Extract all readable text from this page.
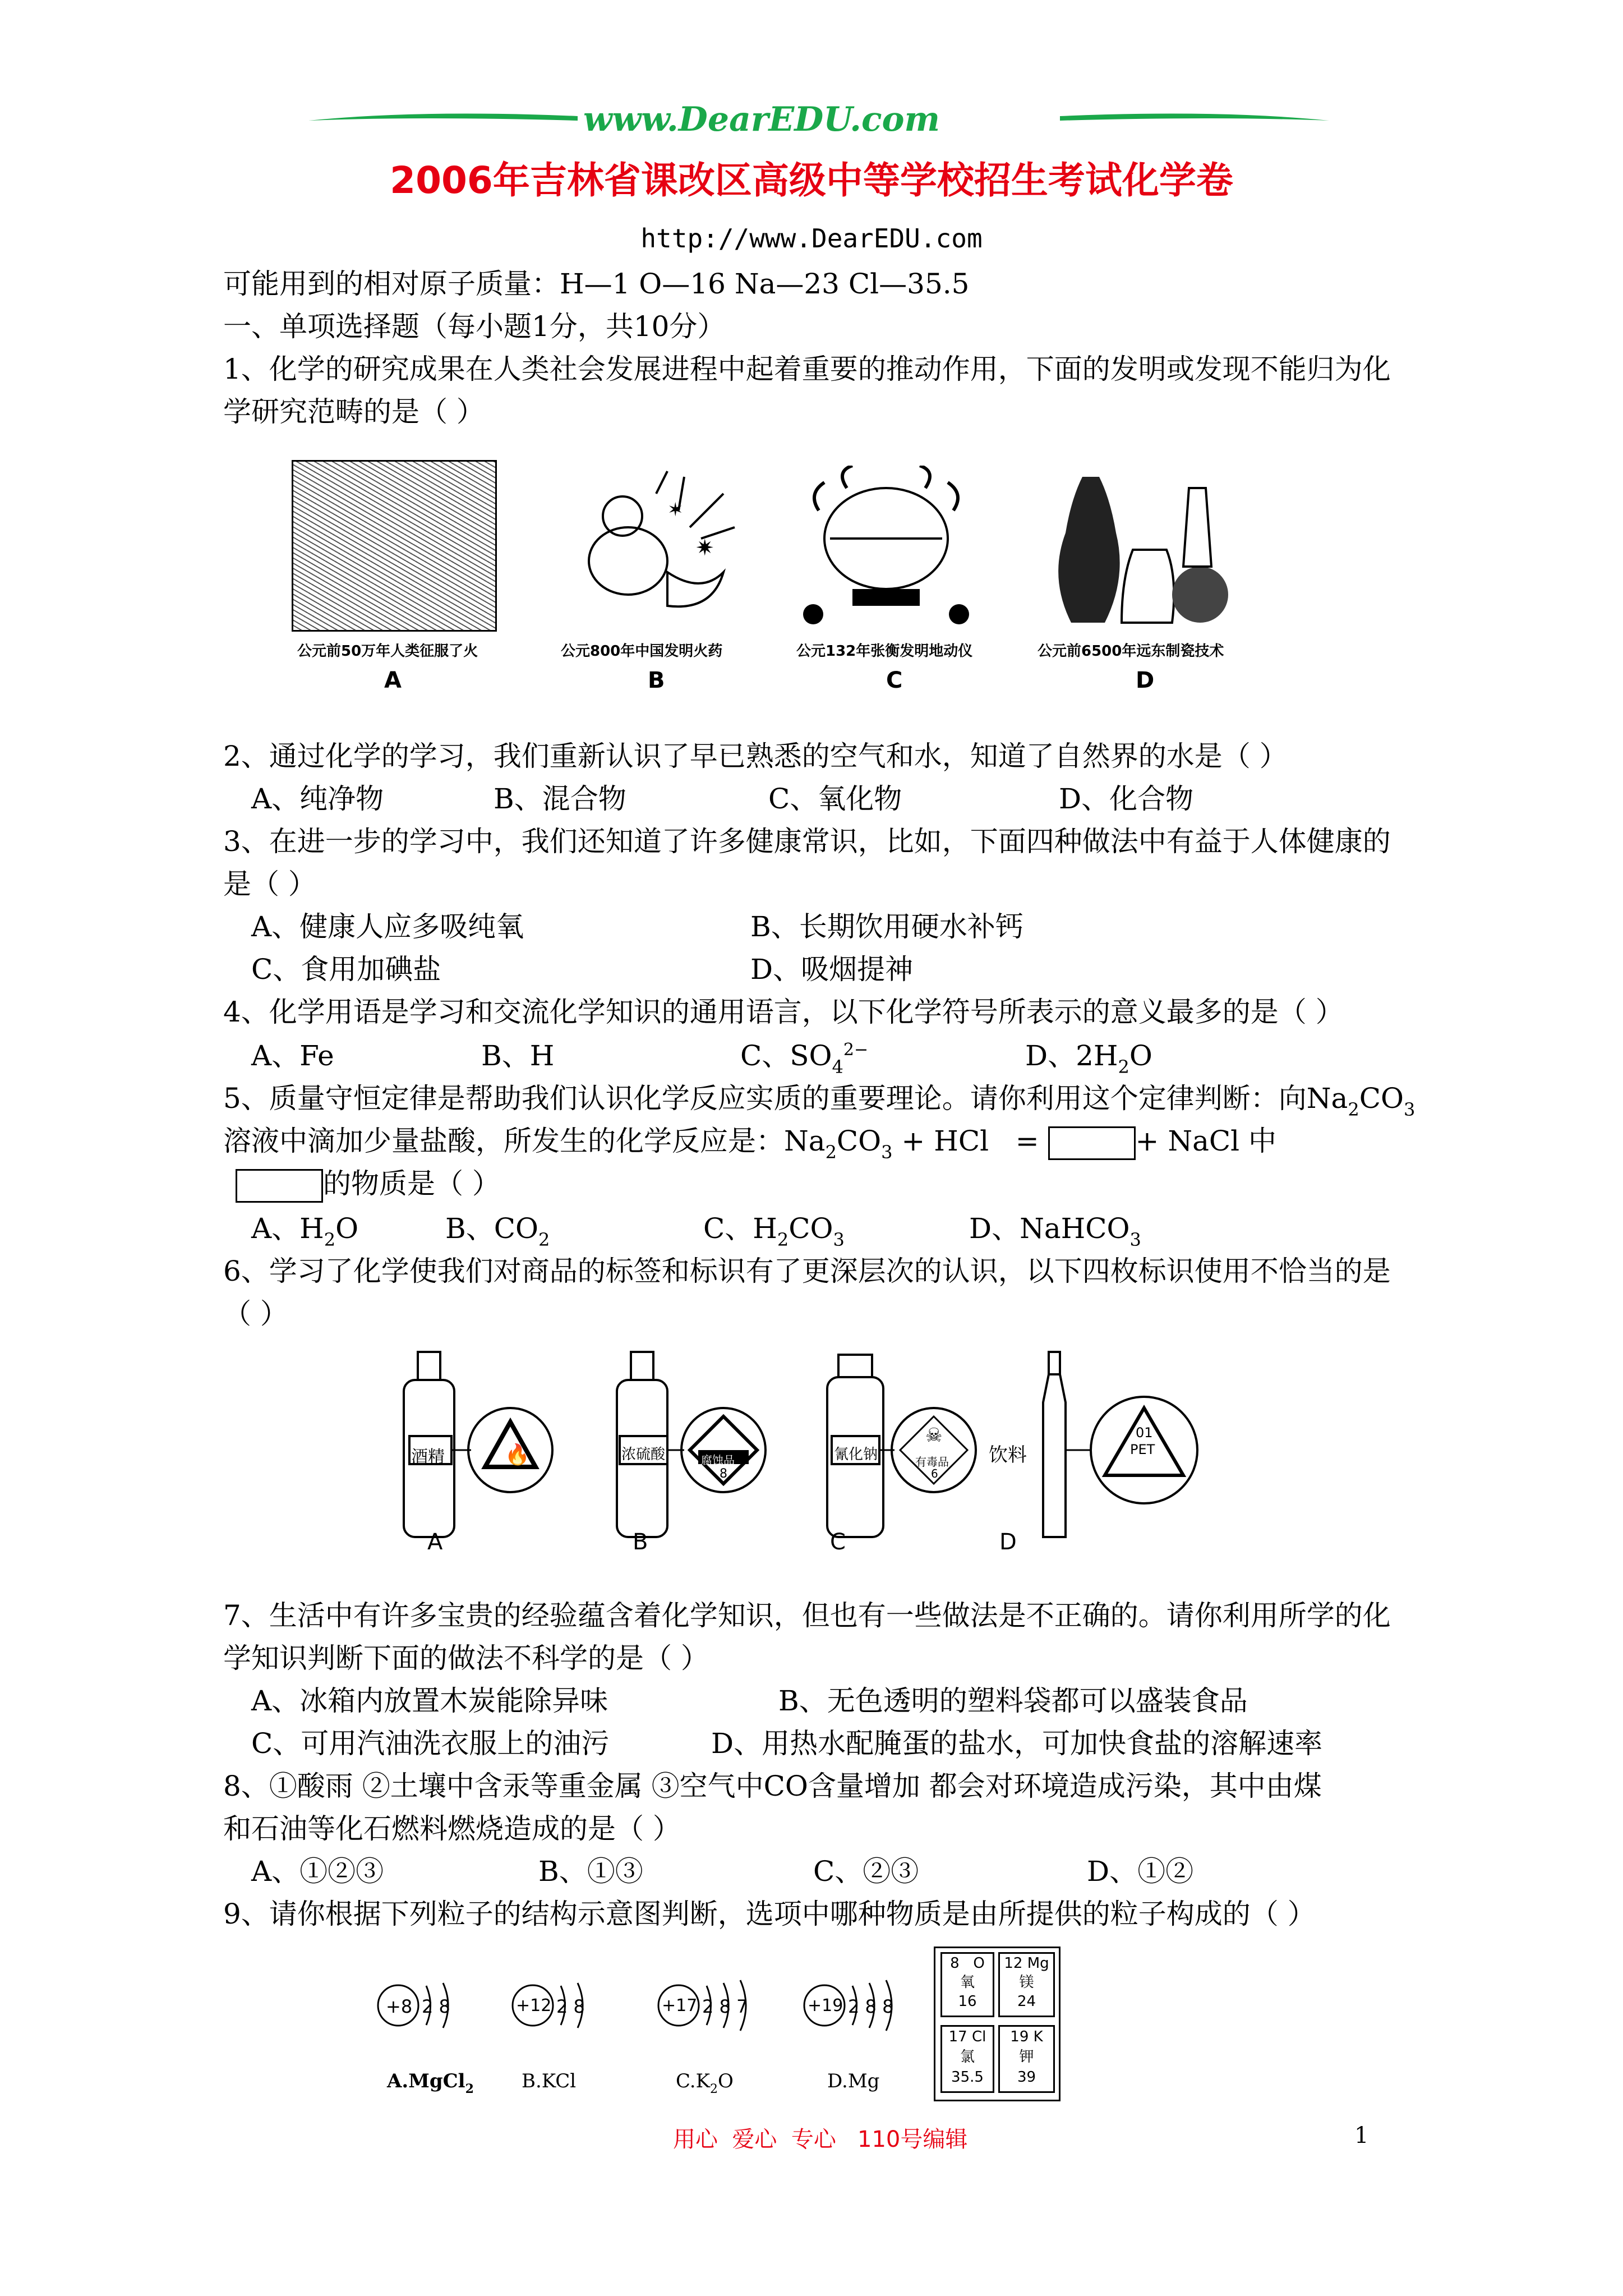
www.DearEDU.com
2006年吉林省课改区高级中等学校招生考试化学卷
http://www.DearEDU.com
可能用到的相对原子质量：H—1 O—16 Na—23 Cl—35.5
一、单项选择题（每小题1分，共10分）
1、化学的研究成果在人类社会发展进程中起着重要的推动作用，下面的发明或发现不能归为化
学研究范畴的是（ ）
✷
✶
公元前50万年人类征服了火	公元800年中国发明火药	公元132年张衡发明地动仪	公元前6500年远东制瓷技术
A	B	C	D
2、通过化学的学习，我们重新认识了早已熟悉的空气和水，知道了自然界的水是（ ）
A、纯净物	B、混合物	C、氧化物	D、化合物
3、在进一步的学习中，我们还知道了许多健康常识，比如，下面四种做法中有益于人体健康的
是（ ）
A、健康人应多吸纯氧	B、长期饮用硬水补钙
C、食用加碘盐	D、吸烟提神
4、化学用语是学习和交流化学知识的通用语言，以下化学符号所表示的意义最多的是（ ）
A、Fe	B、H	C、$SO_4^{2-}$	D、$2H_2O$
5、质量守恒定律是帮助我们认识化学反应实质的重要理论。请你利用这个定律判断：向$Na_2CO_3$
溶液中滴加少量盐酸，所发生的化学反应是：$Na_2CO_3$ + HCl   =	+ NaCl 中
的物质是（ ）
A、$H_2O$	B、$CO_2$	C、$H_2CO_3$	D、NaHCO$_3$
6、学习了化学使我们对商品的标签和标识有了更深层次的认识，以下四枚标识使用不恰当的是
（ ）
🔥
☠
酒精	浓硫酸	氰化钠	饮料
腐蚀品
8
有毒品
6
01
PET
A	B	C	D
7、生活中有许多宝贵的经验蕴含着化学知识，但也有一些做法是不正确的。请你利用所学的化
学知识判断下面的做法不科学的是（ ）
A、冰箱内放置木炭能除异味	B、无色透明的塑料袋都可以盛装食品
C、可用汽油洗衣服上的油污	D、用热水配腌蛋的盐水，可加快食盐的溶解速率
8、①酸雨 ②土壤中含汞等重金属 ③空气中CO含量增加 都会对环境造成污染，其中由煤
和石油等化石燃料燃烧造成的是（ ）
A、①②③	B、①③	C、②③	D、①②
9、请你根据下列粒子的结构示意图判断，选项中哪种物质是由所提供的粒子构成的（ ）
+8 2 8	+12 2 8	+17 2 8 7	+19 2 8 8
A.MgCl$_2$	B.KCl	$C.K_2O$	D.Mg
8   O
氧
16
12 Mg
镁
24
17 Cl
氯
35.5
19 K
钾
39
用心  爱心  专心   110号编辑	1
